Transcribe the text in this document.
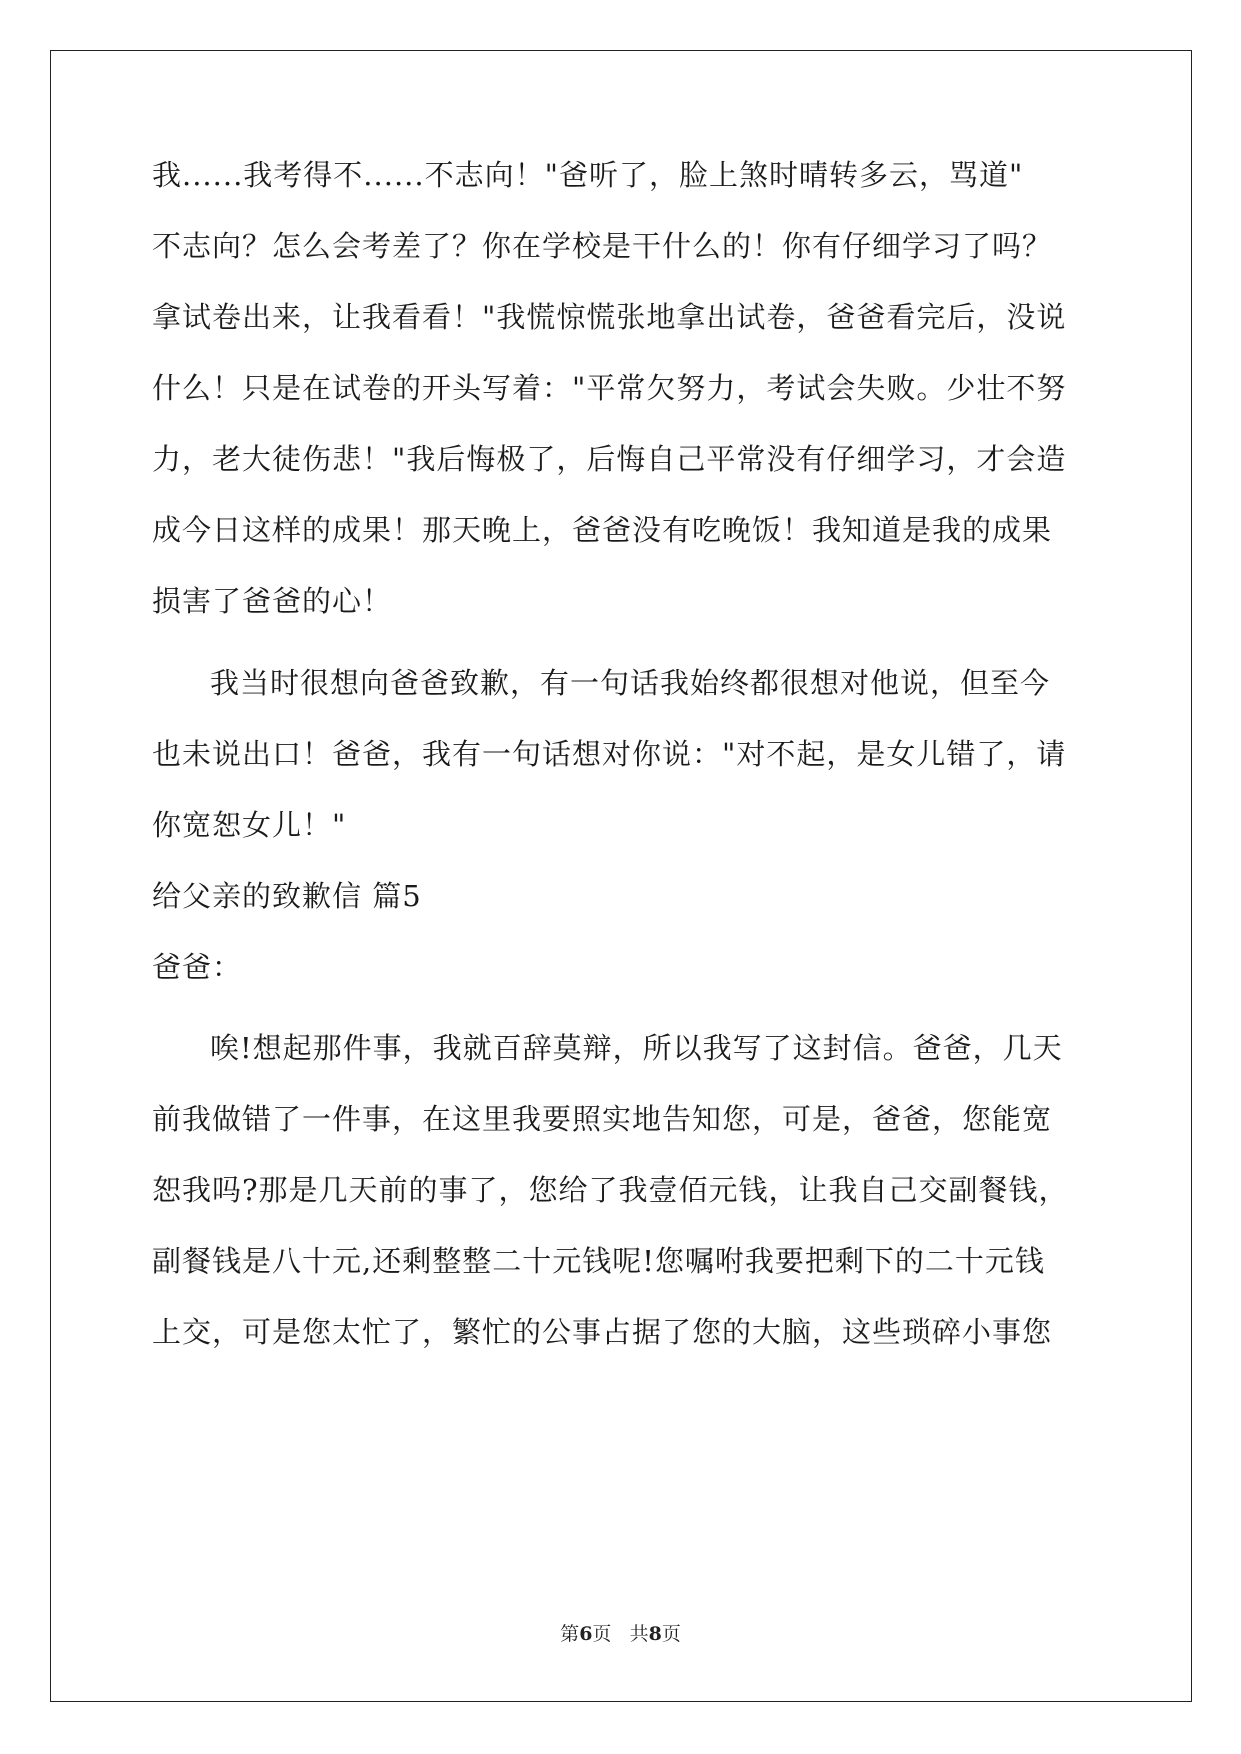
我......我考得不......不志向！"爸听了，脸上煞时晴转多云，骂道"
不志向？怎么会考差了？你在学校是干什么的！你有仔细学习了吗？
拿试卷出来，让我看看！"我慌惊慌张地拿出试卷，爸爸看完后，没说
什么！只是在试卷的开头写着："平常欠努力，考试会失败。少壮不努
力，老大徒伤悲！"我后悔极了，后悔自己平常没有仔细学习，才会造
成今日这样的成果！那天晚上，爸爸没有吃晚饭！我知道是我的成果
损害了爸爸的心！
我当时很想向爸爸致歉，有一句话我始终都很想对他说，但至今
也未说出口！爸爸，我有一句话想对你说："对不起，是女儿错了，请
你宽恕女儿！"
给父亲的致歉信 篇5
爸爸：
唉!想起那件事，我就百辞莫辩，所以我写了这封信。爸爸，几天
前我做错了一件事，在这里我要照实地告知您，可是，爸爸，您能宽
恕我吗?那是几天前的事了，您给了我壹佰元钱，让我自己交副餐钱，
副餐钱是八十元,还剩整整二十元钱呢!您嘱咐我要把剩下的二十元钱
上交，可是您太忙了，繁忙的公事占据了您的大脑，这些琐碎小事您
第6页 共8页
